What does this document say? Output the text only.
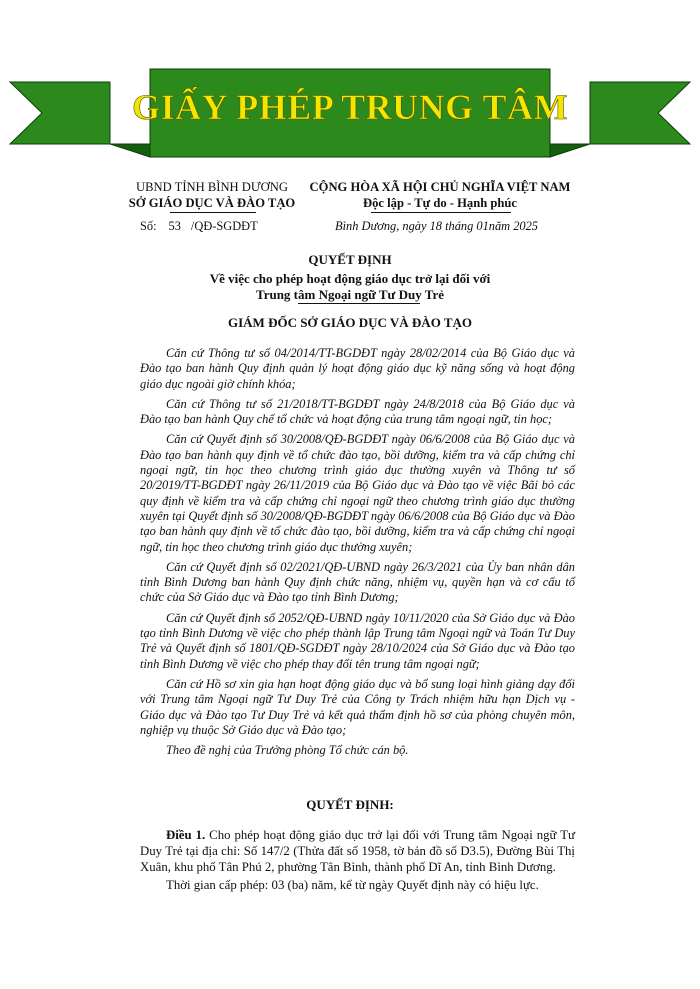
GIẤY PHÉP TRUNG TÂM
UBND TỈNH BÌNH DƯƠNG
SỞ GIÁO DỤC VÀ ĐÀO TẠO
CỘNG HÒA XÃ HỘI CHỦ NGHĨA VIỆT NAM
Độc lập - Tự do - Hạnh phúc
Số: 53 /QĐ-SGDĐT	Bình Dương, ngày 18 tháng 01năm 2025
QUYẾT ĐỊNH
Về việc cho phép hoạt động giáo dục trở lại đối với
Trung tâm Ngoại ngữ Tư Duy Trẻ
GIÁM ĐỐC SỞ GIÁO DỤC VÀ ĐÀO TẠO

Căn cứ Thông tư số 04/2014/TT-BGDĐT ngày 28/02/2014 của Bộ Giáo dục và Đào tạo ban hành Quy định quản lý hoạt động giáo dục kỹ năng sống và hoạt động giáo dục ngoài giờ chính khóa;

Căn cứ Thông tư số 21/2018/TT-BGDĐT ngày 24/8/2018 của Bộ Giáo dục và Đào tạo ban hành Quy chế tổ chức và hoạt động của trung tâm ngoại ngữ, tin học;

Căn cứ Quyết định số 30/2008/QĐ-BGDĐT ngày 06/6/2008 của Bộ Giáo dục và Đào tạo ban hành quy định về tổ chức đào tạo, bồi dưỡng, kiểm tra và cấp chứng chỉ ngoại ngữ, tin học theo chương trình giáo dục thường xuyên và Thông tư số 20/2019/TT-BGDĐT ngày 26/11/2019 của Bộ Giáo dục và Đào tạo về việc Bãi bỏ các quy định về kiểm tra và cấp chứng chỉ ngoại ngữ theo chương trình giáo dục thường xuyên tại Quyết định số 30/2008/QĐ-BGDĐT ngày 06/6/2008 của Bộ Giáo dục và Đào tạo ban hành quy định về tổ chức đào tạo, bồi dưỡng, kiểm tra và cấp chứng chỉ ngoại ngữ, tin học theo chương trình giáo dục thường xuyên;

Căn cứ Quyết định số 02/2021/QĐ-UBND ngày 26/3/2021 của Ủy ban nhân dân tỉnh Bình Dương ban hành Quy định chức năng, nhiệm vụ, quyền hạn và cơ cấu tổ chức của Sở Giáo dục và Đào tạo tỉnh Bình Dương;

Căn cứ Quyết định số 2052/QĐ-UBND ngày 10/11/2020 của Sở Giáo dục và Đào tạo tỉnh Bình Dương về việc cho phép thành lập Trung tâm Ngoại ngữ và Toán Tư Duy Trẻ và Quyết định số 1801/QĐ-SGDĐT ngày 28/10/2024 của Sở Giáo dục và Đào tạo tỉnh Bình Dương về việc cho phép thay đổi tên trung tâm ngoại ngữ;

Căn cứ Hồ sơ xin gia hạn hoạt động giáo dục và bổ sung loại hình giảng dạy đối với Trung tâm Ngoại ngữ Tư Duy Trẻ của Công ty Trách nhiệm hữu hạn Dịch vụ - Giáo dục và Đào tạo Tư Duy Trẻ và kết quả thẩm định hồ sơ của phòng chuyên môn, nghiệp vụ thuộc Sở Giáo dục và Đào tạo;

Theo đề nghị của Trưởng phòng Tổ chức cán bộ.

QUYẾT ĐỊNH:

Điều 1. Cho phép hoạt động giáo dục trở lại đối với Trung tâm Ngoại ngữ Tư Duy Trẻ tại địa chỉ: Số 147/2 (Thửa đất số 1958, tờ bản đồ số D3.5), Đường Bùi Thị Xuân, khu phố Tân Phú 2, phường Tân Bình, thành phố Dĩ An, tỉnh Bình Dương.

Thời gian cấp phép: 03 (ba) năm, kể từ ngày Quyết định này có hiệu lực.
